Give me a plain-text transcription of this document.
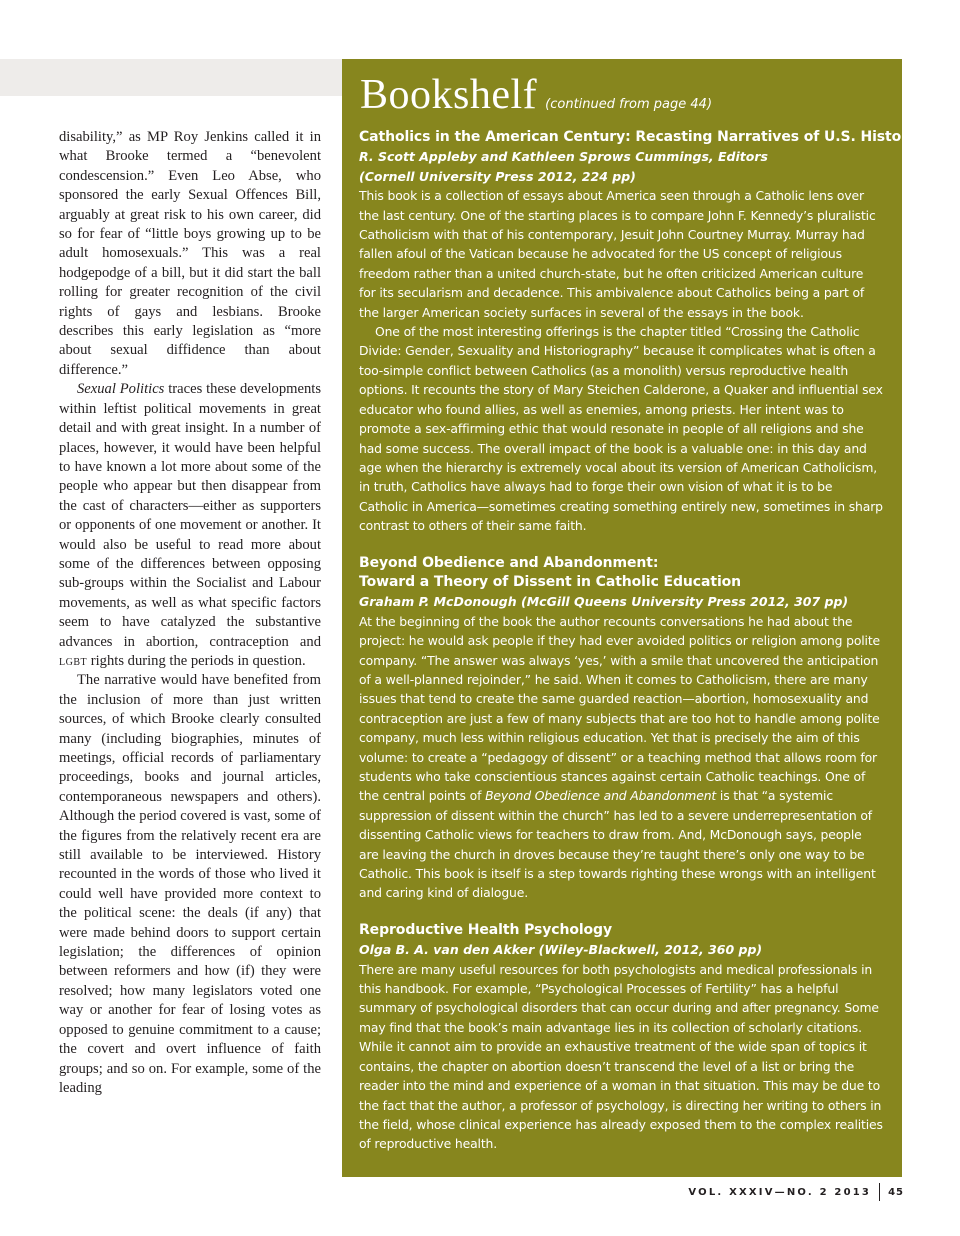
disability,” as MP Roy Jenkins called it in what Brooke termed a “benevolent condescension.” Even Leo Abse, who sponsored the early Sexual Offences Bill, arguably at great risk to his own career, did so for fear of “little boys growing up to be adult homosexuals.” This was a real hodgepodge of a bill, but it did start the ball rolling for greater recognition of the civil rights of gays and lesbians. Brooke describes this early legislation as “more about sexual diffidence than about difference.”

Sexual Politics traces these developments within leftist political movements in great detail and with great insight. In a number of places, however, it would have been helpful to have known a lot more about some of the people who appear but then disappear from the cast of characters—either as supporters or opponents of one movement or another. It would also be useful to read more about some of the differences between opposing sub-groups within the Socialist and Labour movements, as well as what specific factors seem to have catalyzed the substantive advances in abortion, contraception and lgbt rights during the periods in question.

The narrative would have benefited from the inclusion of more than just written sources, of which Brooke clearly consulted many (including biographies, minutes of meetings, official records of parliamentary proceedings, books and journal articles, contemporaneous newspapers and others). Although the period covered is vast, some of the figures from the relatively recent era are still available to be interviewed. History recounted in the words of those who lived it could well have provided more context to the political scene: the deals (if any) that were made behind doors to support certain legislation; the differences of opinion between reformers and how (if) they were resolved; how many legislators voted one way or another for fear of losing votes as opposed to genuine commitment to a cause; the covert and overt influence of faith groups; and so on. For example, some of the leading

Bookshelf (continued from page 44)
Catholics in the American Century: Recasting Narratives of U.S. History
R. Scott Appleby and Kathleen Sprows Cummings, Editors
(Cornell University Press 2012, 224 pp)

This book is a collection of essays about America seen through a Catholic lens over the last century. One of the starting places is to compare John F. Kennedy’s pluralistic Catholicism with that of his contemporary, Jesuit John Courtney Murray. Murray had fallen afoul of the Vatican because he advocated for the US concept of religious freedom rather than a united church-state, but he often criticized American culture for its secularism and decadence. This ambivalence about Catholics being a part of the larger American society surfaces in several of the essays in the book.

One of the most interesting offerings is the chapter titled “Crossing the Catholic Divide: Gender, Sexuality and Historiography” because it complicates what is often a too-simple conflict between Catholics (as a monolith) versus reproductive health options. It recounts the story of Mary Steichen Calderone, a Quaker and influential sex educator who found allies, as well as enemies, among priests. Her intent was to promote a sex-affirming ethic that would resonate in people of all religions and she had some success. The overall impact of the book is a valuable one: in this day and age when the hierarchy is extremely vocal about its version of American Catholicism, in truth, Catholics have always had to forge their own vision of what it is to be Catholic in America—sometimes creating something entirely new, sometimes in sharp contrast to others of their same faith.

Beyond Obedience and Abandonment:
Toward a Theory of Dissent in Catholic Education
Graham P. McDonough (McGill Queens University Press 2012, 307 pp)

At the beginning of the book the author recounts conversations he had about the project: he would ask people if they had ever avoided politics or religion among polite company. “The answer was always ‘yes,’ with a smile that uncovered the anticipation of a well-planned rejoinder,” he said. When it comes to Catholicism, there are many issues that tend to create the same guarded reaction—abortion, homosexuality and contraception are just a few of many subjects that are too hot to handle among polite company, much less within religious education. Yet that is precisely the aim of this volume: to create a “pedagogy of dissent” or a teaching method that allows room for students who take conscientious stances against certain Catholic teachings. One of the central points of Beyond Obedience and Abandonment is that “a systemic suppression of dissent within the church” has led to a severe underrepresentation of dissenting Catholic views for teachers to draw from. And, McDonough says, people are leaving the church in droves because they’re taught there’s only one way to be Catholic. This book is itself is a step towards righting these wrongs with an intelligent and caring kind of dialogue.

Reproductive Health Psychology
Olga B. A. van den Akker (Wiley-Blackwell, 2012, 360 pp)

There are many useful resources for both psychologists and medical professionals in this handbook. For example, “Psychological Processes of Fertility” has a helpful summary of psychological disorders that can occur during and after pregnancy. Some may find that the book’s main advantage lies in its collection of scholarly citations. While it cannot aim to provide an exhaustive treatment of the wide span of topics it contains, the chapter on abortion doesn’t transcend the level of a list or bring the reader into the mind and experience of a woman in that situation. This may be due to the fact that the author, a professor of psychology, is directing her writing to others in the field, whose clinical experience has already exposed them to the complex realities of reproductive health.

VOL. XXXIV—NO. 2 2013 45
